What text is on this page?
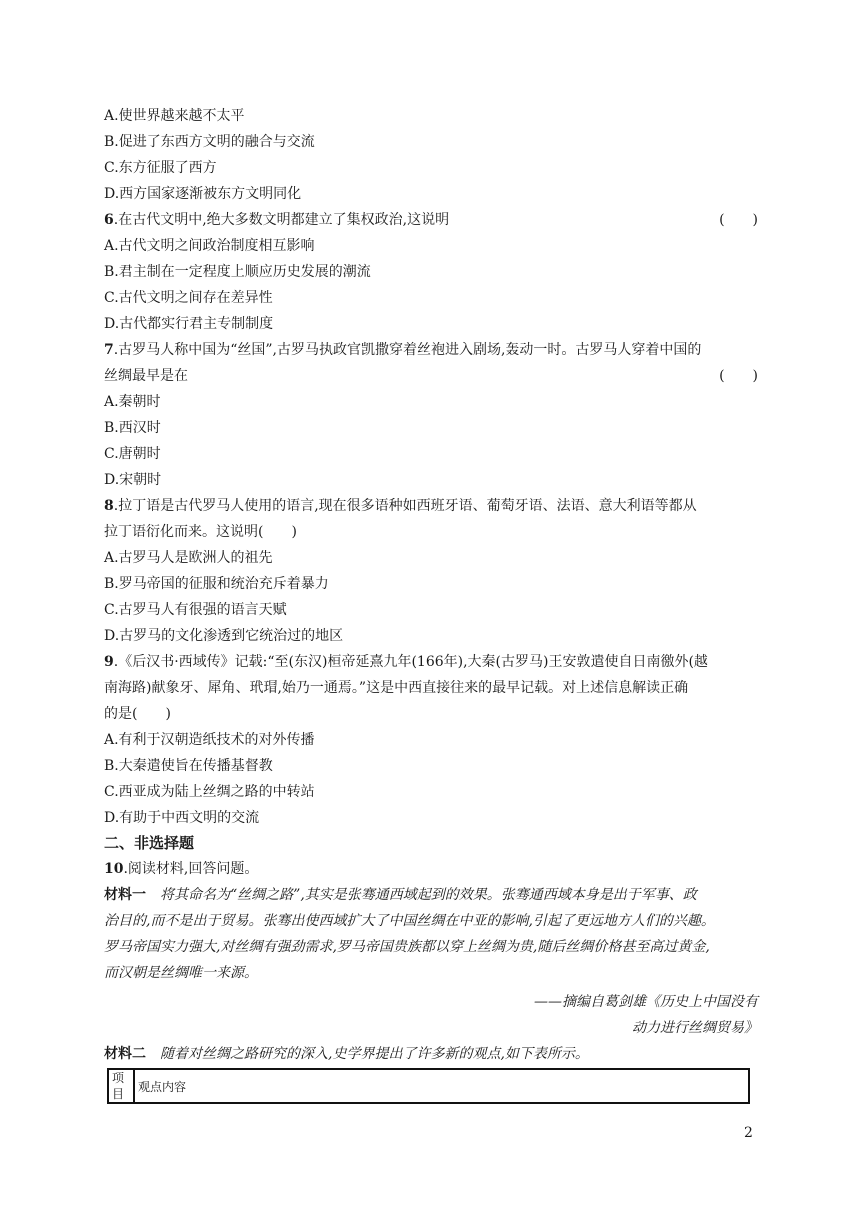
A.使世界越来越不太平
B.促进了东西方文明的融合与交流
C.东方征服了西方
D.西方国家逐渐被东方文明同化
6.在古代文明中,绝大多数文明都建立了集权政治,这说明	(　　)
A.古代文明之间政治制度相互影响
B.君主制在一定程度上顺应历史发展的潮流
C.古代文明之间存在差异性
D.古代都实行君主专制制度
7.古罗马人称中国为“丝国”,古罗马执政官凯撒穿着丝袍进入剧场,轰动一时。古罗马人穿着中国的
丝绸最早是在	(　　)
A.秦朝时
B.西汉时
C.唐朝时
D.宋朝时
8.拉丁语是古代罗马人使用的语言,现在很多语种如西班牙语、葡萄牙语、法语、意大利语等都从
拉丁语衍化而来。这说明(　　)
A.古罗马人是欧洲人的祖先
B.罗马帝国的征服和统治充斥着暴力
C.古罗马人有很强的语言天赋
D.古罗马的文化渗透到它统治过的地区
9.《后汉书·西域传》记载:“至(东汉)桓帝延熹九年(166年),大秦(古罗马)王安敦遣使自日南徼外(越
南海路)献象牙、犀角、玳瑁,始乃一通焉。”这是中西直接往来的最早记载。对上述信息解读正确
的是(　　)
A.有利于汉朝造纸技术的对外传播
B.大秦遣使旨在传播基督教
C.西亚成为陆上丝绸之路的中转站
D.有助于中西文明的交流
二、非选择题
10.阅读材料,回答问题。
材料一　将其命名为“丝绸之路”,其实是张骞通西域起到的效果。张骞通西域本身是出于军事、政
治目的,而不是出于贸易。张骞出使西域扩大了中国丝绸在中亚的影响,引起了更远地方人们的兴趣。
罗马帝国实力强大,对丝绸有强劲需求,罗马帝国贵族都以穿上丝绸为贵,随后丝绸价格甚至高过黄金,
而汉朝是丝绸唯一来源。
——摘编自葛剑雄《历史上中国没有
动力进行丝绸贸易》
材料二　随着对丝绸之路研究的深入,史学界提出了许多新的观点,如下表所示。
项目	观点内容
2
